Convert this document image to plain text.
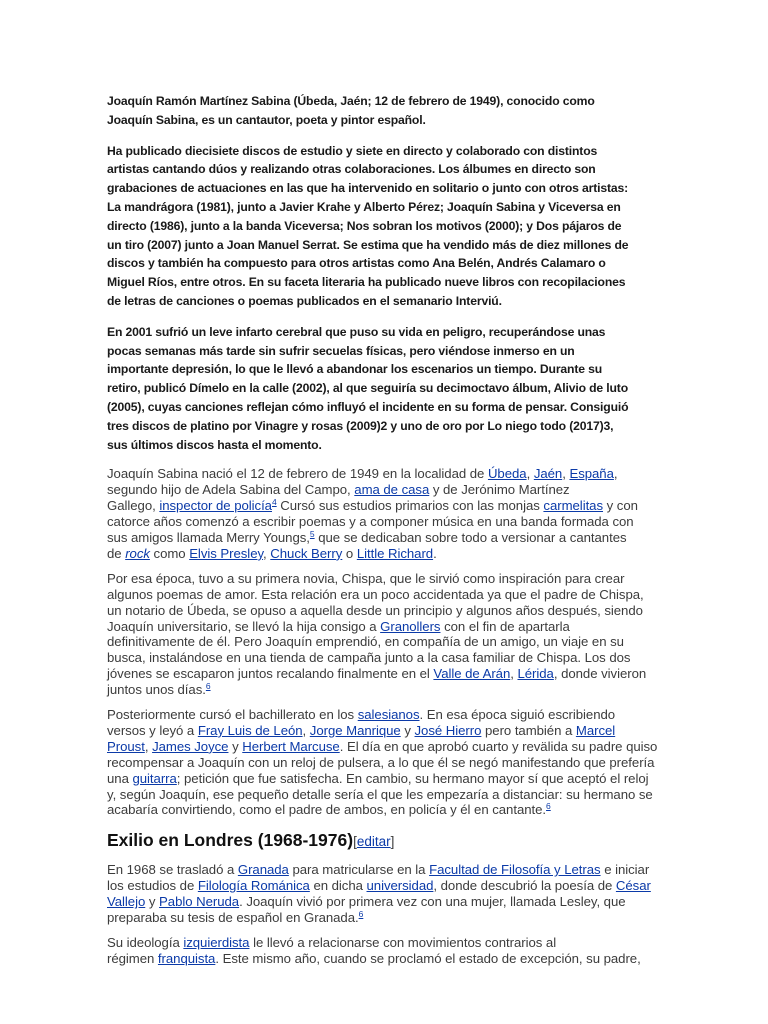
Joaquín Ramón Martínez Sabina (Úbeda, Jaén; 12 de febrero de 1949), conocido como Joaquín Sabina, es un cantautor, poeta y pintor español.

Ha publicado diecisiete discos de estudio y siete en directo y colaborado con distintos artistas cantando dúos y realizando otras colaboraciones. Los álbumes en directo son grabaciones de actuaciones en las que ha intervenido en solitario o junto con otros artistas: La mandrágora (1981), junto a Javier Krahe y Alberto Pérez; Joaquín Sabina y Viceversa en directo (1986), junto a la banda Viceversa; Nos sobran los motivos (2000); y Dos pájaros de un tiro (2007) junto a Joan Manuel Serrat. Se estima que ha vendido más de diez millones de discos y también ha compuesto para otros artistas como Ana Belén, Andrés Calamaro o Miguel Ríos, entre otros. En su faceta literaria ha publicado nueve libros con recopilaciones de letras de canciones o poemas publicados en el semanario Interviú.

En 2001 sufrió un leve infarto cerebral que puso su vida en peligro, recuperándose unas pocas semanas más tarde sin sufrir secuelas físicas, pero viéndose inmerso en un importante depresión, lo que le llevó a abandonar los escenarios un tiempo. Durante su retiro, publicó Dímelo en la calle (2002), al que seguiría su decimoctavo álbum, Alivio de luto (2005), cuyas canciones reflejan cómo influyó el incidente en su forma de pensar. Consiguió tres discos de platino por Vinagre y rosas (2009)2 y uno de oro por Lo niego todo (2017)3, sus últimos discos hasta el momento.

Joaquín Sabina nació el 12 de febrero de 1949 en la localidad de Úbeda, Jaén, España,
segundo hijo de Adela Sabina del Campo, ama de casa y de Jerónimo Martínez
Gallego, inspector de policía$^4$ Cursó sus estudios primarios con las monjas carmelitas y con
catorce años comenzó a escribir poemas y a componer música en una banda formada con
sus amigos llamada Merry Youngs,$^5$ que se dedicaban sobre todo a versionar a cantantes
de rock como Elvis Presley, Chuck Berry o Little Richard.

Por esa época, tuvo a su primera novia, Chispa, que le sirvió como inspiración para crear
algunos poemas de amor. Esta relación era un poco accidentada ya que el padre de Chispa,
un notario de Úbeda, se opuso a aquella desde un principio y algunos años después, siendo
Joaquín universitario, se llevó la hija consigo a Granollers con el fin de apartarla
definitivamente de él. Pero Joaquín emprendió, en compañía de un amigo, un viaje en su
busca, instalándose en una tienda de campaña junto a la casa familiar de Chispa. Los dos
jóvenes se escaparon juntos recalando finalmente en el Valle de Arán, Lérida, donde vivieron
juntos unos días.$^6$

Posteriormente cursó el bachillerato en los salesianos. En esa época siguió escribiendo
versos y leyó a Fray Luis de León, Jorge Manrique y José Hierro pero también a Marcel
Proust, James Joyce y Herbert Marcuse. El día en que aprobó cuarto y revälida su padre quiso
recompensar a Joaquín con un reloj de pulsera, a lo que él se negó manifestando que prefería
una guitarra; petición que fue satisfecha. En cambio, su hermano mayor sí que aceptó el reloj
y, según Joaquín, ese pequeño detalle sería el que les empezaría a distanciar: su hermano se
acabaría convirtiendo, como el padre de ambos, en policía y él en cantante.$^6$

Exilio en Londres (1968-1976)[editar]

En 1968 se trasladó a Granada para matricularse en la Facultad de Filosofía y Letras e iniciar
los estudios de Filología Románica en dicha universidad, donde descubrió la poesía de César
Vallejo y Pablo Neruda. Joaquín vivió por primera vez con una mujer, llamada Lesley, que
preparaba su tesis de español en Granada.$^6$

Su ideología izquierdista le llevó a relacionarse con movimientos contrarios al
régimen franquista. Este mismo año, cuando se proclamó el estado de excepción, su padre,
